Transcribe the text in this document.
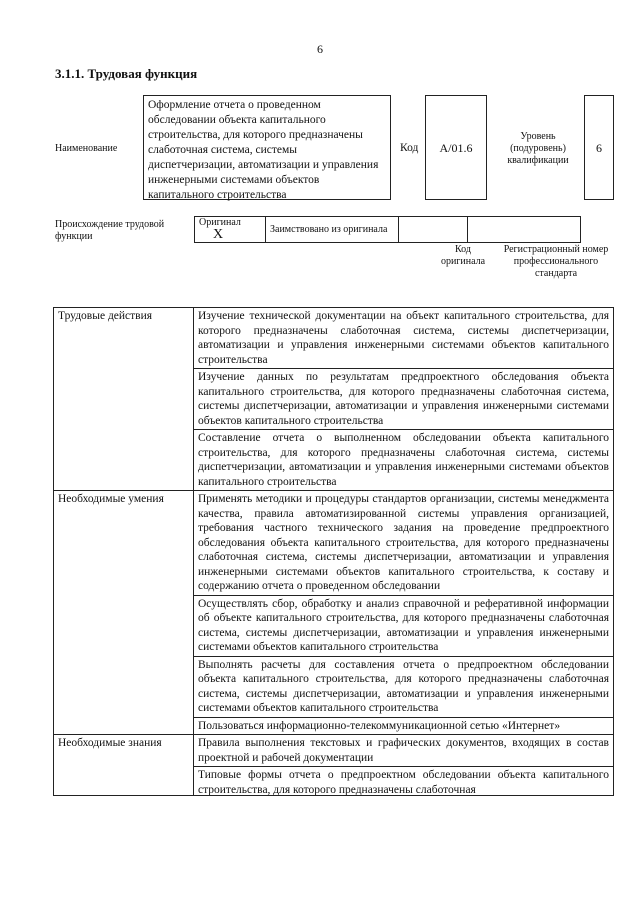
6
3.1.1. Трудовая функция
Наименование
Оформление отчета о проведенном обследовании объекта капитального строительства, для которого предназначены слаботочная система, системы диспетчеризации, автоматизации и управления инженерными системами объектов капитального строительства
Код	А/01.6
Уровень (подуровень) квалификации
6
Происхождение трудовой функции
Оригинал X	Заимствовано из оригинала		
Код оригинала
Регистрационный номер профессионального стандарта
Трудовые действия	Изучение технической документации на объект капитального строительства, для которого предназначены слаботочная система, системы диспетчеризации, автоматизации и управления инженерными системами объектов капитального строительства
	Изучение данных по результатам предпроектного обследования объекта капитального строительства, для которого предназначены слаботочная система, системы диспетчеризации, автоматизации и управления инженерными системами объектов капитального строительства
	Составление отчета о выполненном обследовании объекта капитального строительства, для которого предназначены слаботочная система, системы диспетчеризации, автоматизации и управления инженерными системами объектов капитального строительства
Необходимые умения	Применять методики и процедуры стандартов организации, системы менеджмента качества, правила автоматизированной системы управления организацией, требования частного технического задания на проведение предпроектного обследования объекта капитального строительства, для которого предназначены слаботочная система, системы диспетчеризации, автоматизации и управления инженерными системами объектов капитального строительства, к составу и содержанию отчета о проведенном обследовании
	Осуществлять сбор, обработку и анализ справочной и реферативной информации об объекте капитального строительства, для которого предназначены слаботочная система, системы диспетчеризации, автоматизации и управления инженерными системами объектов капитального строительства
	Выполнять расчеты для составления отчета о предпроектном обследовании объекта капитального строительства, для которого предназначены слаботочная система, системы диспетчеризации, автоматизации и управления инженерными системами объектов капитального строительства
	Пользоваться информационно-телекоммуникационной сетью «Интернет»
Необходимые знания	Правила выполнения текстовых и графических документов, входящих в состав проектной и рабочей документации

	Типовые формы отчета о предпроектном обследовании объекта капитального строительства, для которого предназначены слаботочная
